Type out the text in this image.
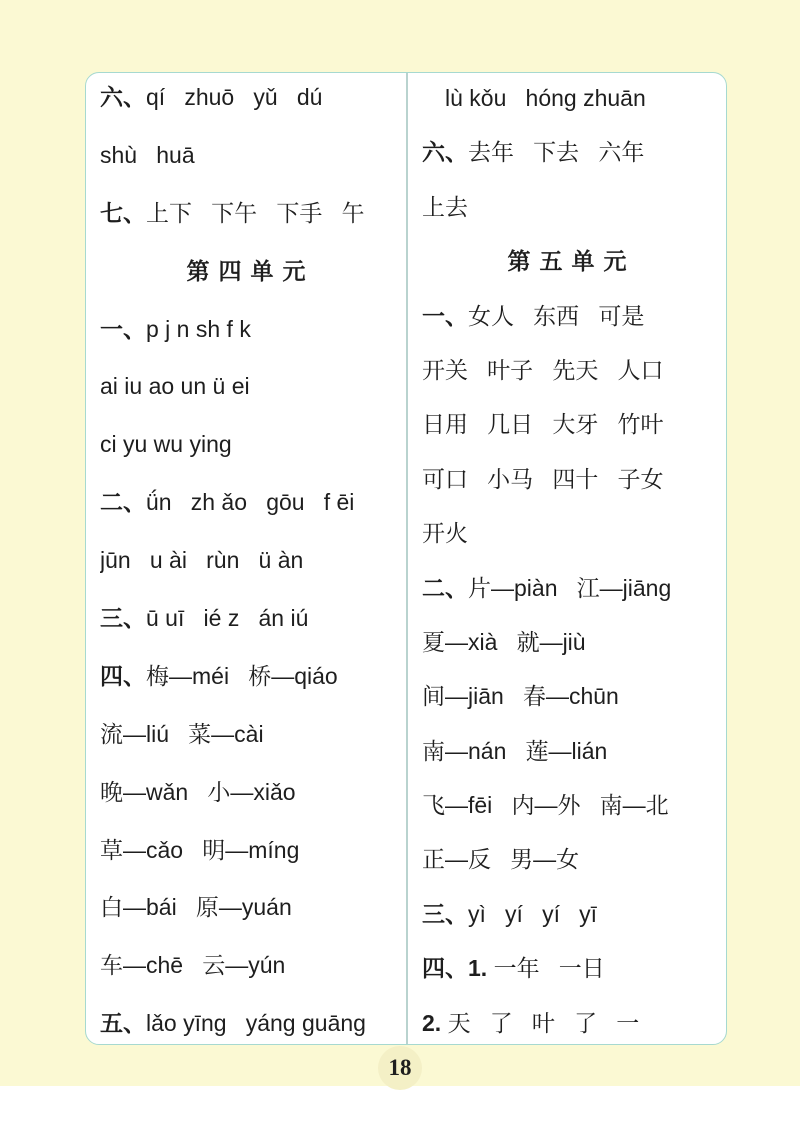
六、qí   zhuō   yǔ   dú
shù   huā
七、上下   下午   下手   午
第四单元
一、p j n sh f k
ai iu ao un ü ei
ci yu wu ying
二、ǘn   zh ǎo   gōu   f ēi
jūn   u ài   rùn   ü àn
三、ū uī   ié z   án iú
四、梅—méi   桥—qiáo
流—liú   菜—cài
晚—wǎn   小—xiǎo
草—cǎo   明—míng
白—bái   原—yuán
车—chē   云—yún
五、lǎo yīng   yáng guāng
lù kǒu   hóng zhuān
六、去年   下去   六年
上去
第五单元
一、女人   东西   可是
开关   叶子   先天   人口
日用   几日   大牙   竹叶
可口   小马   四十   子女
开火
二、片—piàn   江—jiāng
夏—xià   就—jiù
间—jiān   春—chūn
南—nán   莲—lián
飞—fēi   内—外   南—北
正—反   男—女
三、yì   yí   yí   yī
四、1. 一年   一日
2. 天   了   叶   了   一
18
